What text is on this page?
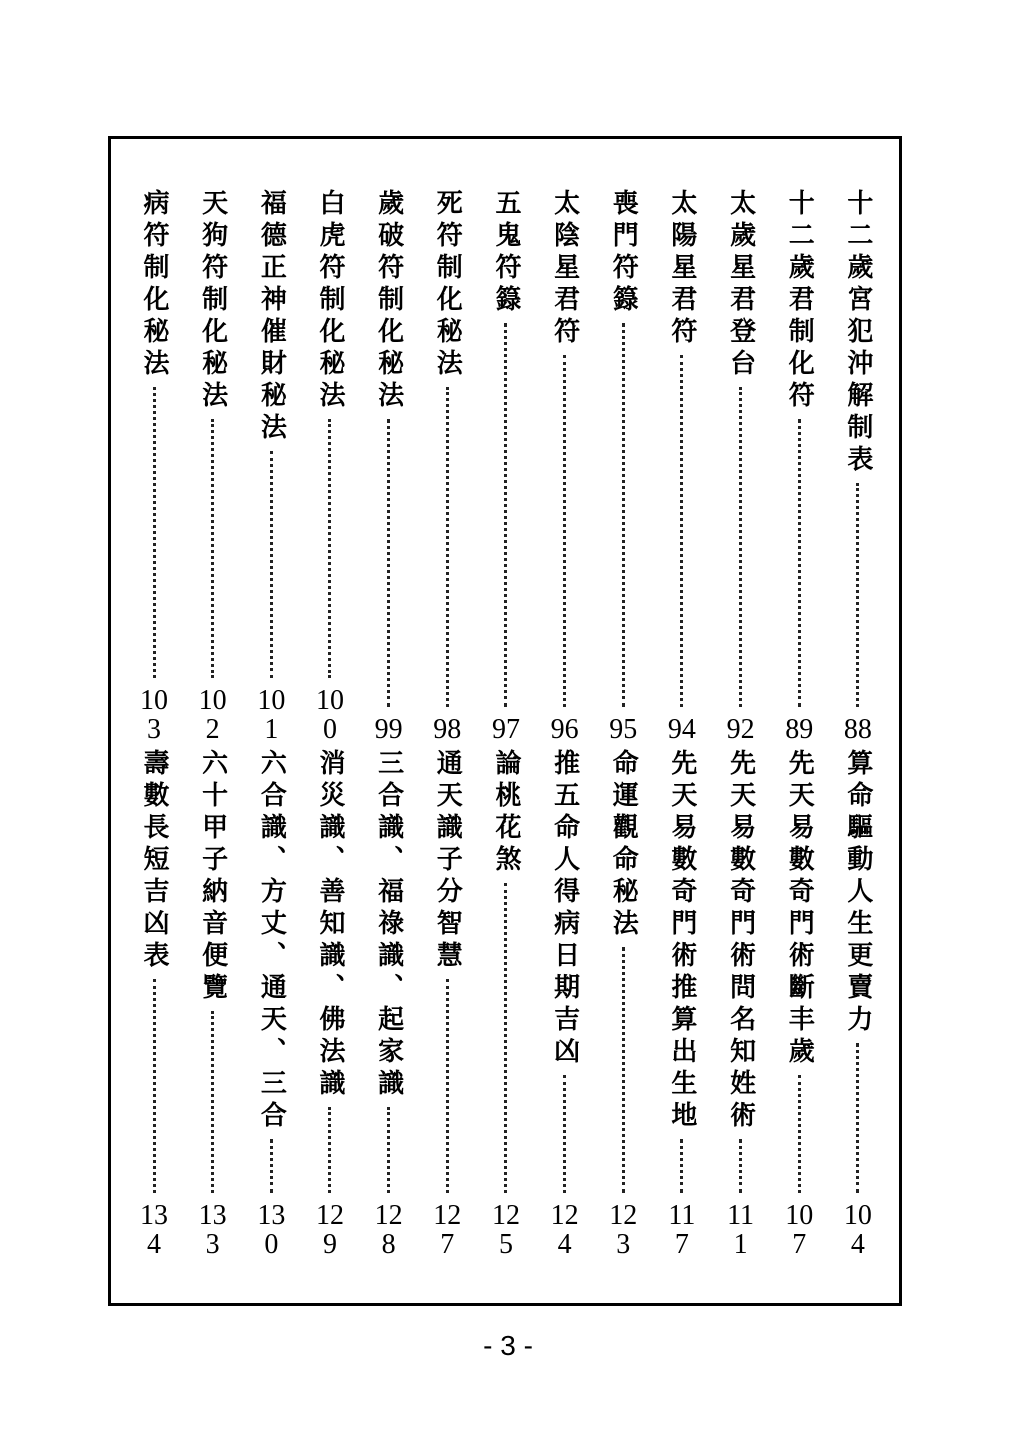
十二歲宮犯沖解制表
88
十二歲君制化符
89
太歲星君登台
92
太陽星君符
94
喪門符籙
95
太陰星君符
96
五鬼符籙
97
死符制化秘法
98
歲破符制化秘法
99
白虎符制化秘法
100
福德正神催財秘法
101
天狗符制化秘法
102
病符制化秘法
103
算命驅動人生更賣力
104
先天易數奇門術斷丰歲
107
先天易數奇門術問名知姓術
111
先天易數奇門術推算出生地
117
命運觀命秘法
123
推五命人得病日期吉凶
124
論桃花煞
125
通天識子分智慧
127
三合識、福祿識、起家識
128
消災識、善知識、佛法識
129
六合識、方丈、通天、三合
130
六十甲子納音便覽
133
壽數長短吉凶表
134
- 3 -
